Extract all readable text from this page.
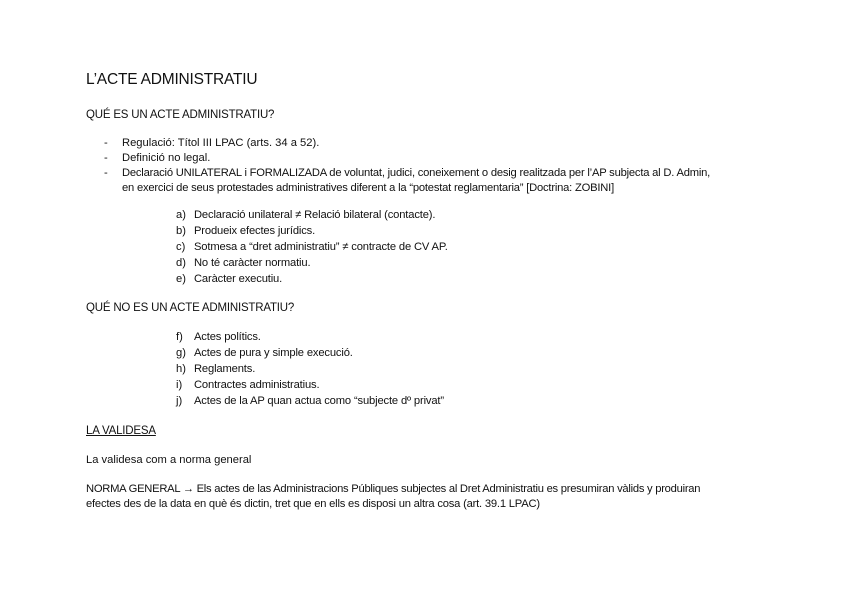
L’ACTE ADMINISTRATIU
QUÉ ES UN ACTE ADMINISTRATIU?
- Regulació: Títol III LPAC (arts. 34 a 52).
- Definició no legal.
- Declaració UNILATERAL i FORMALIZADA de voluntat, judici, coneixement o desig realitzada per l’AP subjecta al D. Admin,
en exercici de seus protestades administratives diferent a la “potestat reglamentaria” [Doctrina: ZOBINI]
a) Declaració unilateral ≠ Relació bilateral (contacte).
b) Produeix efectes jurídics.
c) Sotmesa a “dret administratiu” ≠ contracte de CV AP.
d) No té caràcter normatiu.
e) Caràcter executiu.
QUÉ NO ES UN ACTE ADMINISTRATIU?
f) Actes polítics.
g) Actes de pura y simple execució.
h) Reglaments.
i) Contractes administratius.
j) Actes de la AP quan actua como “subjecte dº privat”
LA VALIDESA
La validesa com a norma general
NORMA GENERAL → Els actes de las Administracions Públiques subjectes al Dret Administratiu es presumiran vàlids y produiran
efectes des de la data en què és dictin, tret que en ells es disposi un altra cosa (art. 39.1 LPAC)
